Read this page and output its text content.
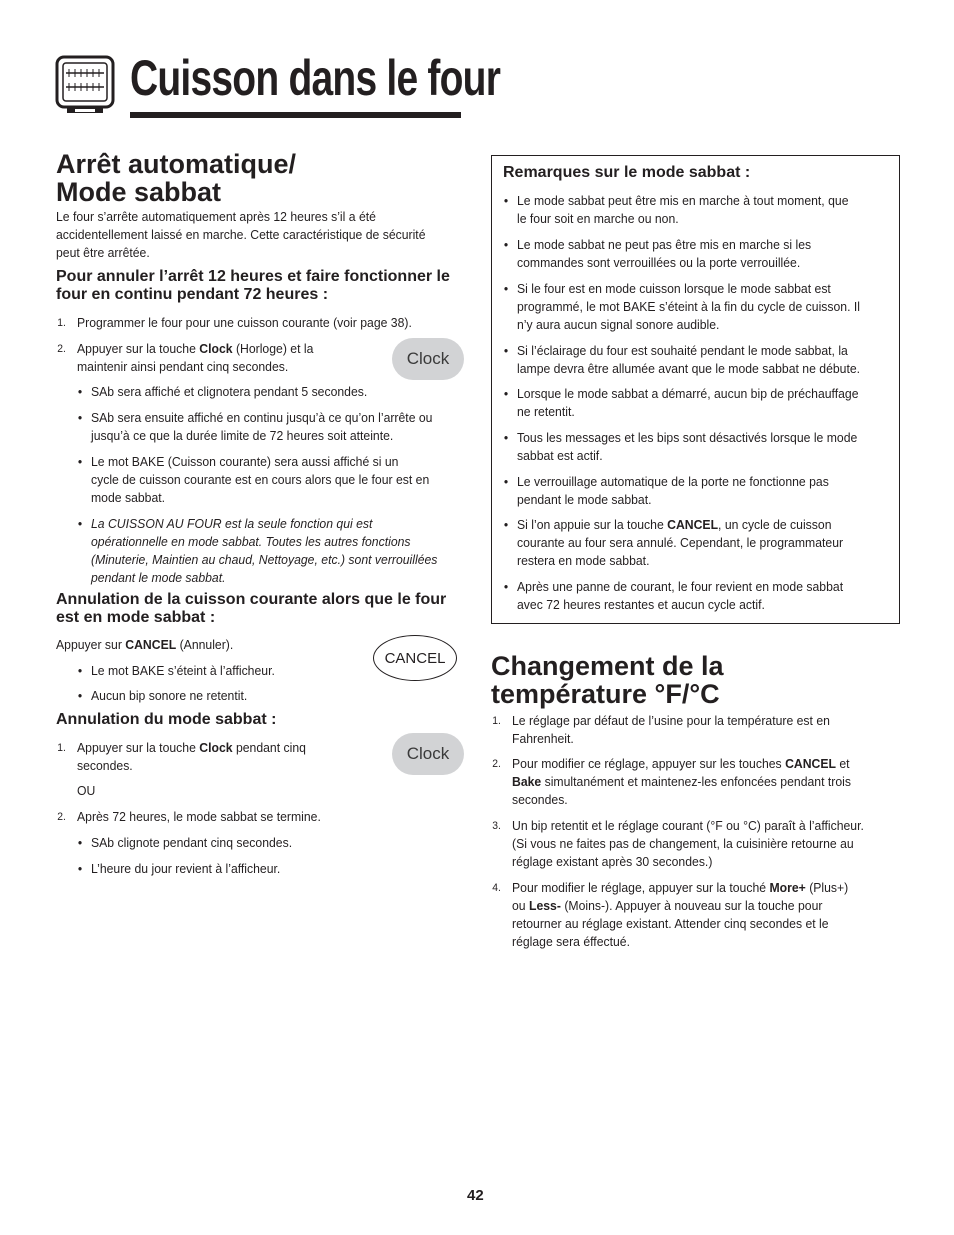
Cuisson dans le four
Arrêt automatique/
Mode sabbat
Le four s’arrête automatiquement après 12 heures s’il a été
accidentellement laissé en marche. Cette caractéristique de sécurité
peut être arrêtée.
Pour annuler l’arrêt 12 heures et faire fonctionner le
four en continu pendant 72 heures :
1. Programmer le four pour une cuisson courante (voir page 38).
2. Appuyer sur la touche Clock (Horloge) et la
maintenir ainsi pendant cinq secondes.	Clock
• SAb sera affiché et clignotera pendant 5 secondes.
• SAb sera ensuite affiché en continu jusqu’à ce qu’on l’arrête ou
jusqu’à ce que la durée limite de 72 heures soit atteinte.
• Le mot BAKE (Cuisson courante) sera aussi affiché si un
cycle de cuisson courante est en cours alors que le four est en
mode sabbat.
• La CUISSON AU FOUR est la seule fonction qui est
opérationnelle en mode sabbat. Toutes les autres fonctions
(Minuterie, Maintien au chaud, Nettoyage, etc.) sont verrouillées
pendant le mode sabbat.
Annulation de la cuisson courante alors que le four
est en mode sabbat :
Appuyer sur CANCEL (Annuler).
CANCEL
• Le mot BAKE s’éteint à l’afficheur.
• Aucun bip sonore ne retentit.
Annulation du mode sabbat :
1. Appuyer sur la touche Clock pendant cinq
secondes.
Clock
OU
2. Après 72 heures, le mode sabbat se termine.
• SAb clignote pendant cinq secondes.
• L’heure du jour revient à l’afficheur.
Remarques sur le mode sabbat :
• Le mode sabbat peut être mis en marche à tout moment, que
le four soit en marche ou non.
• Le mode sabbat ne peut pas être mis en marche si les
commandes sont verrouillées ou la porte verrouillée.
• Si le four est en mode cuisson lorsque le mode sabbat est
programmé, le mot BAKE s’éteint à la fin du cycle de cuisson. Il
n’y aura aucun signal sonore audible.
• Si l’éclairage du four est souhaité pendant le mode sabbat, la
lampe devra être allumée avant que le mode sabbat ne débute.
• Lorsque le mode sabbat a démarré, aucun bip de préchauffage
ne retentit.
• Tous les messages et les bips sont désactivés lorsque le mode
sabbat est actif.
• Le verrouillage automatique de la porte ne fonctionne pas
pendant le mode sabbat.
• Si l’on appuie sur la touche CANCEL, un cycle de cuisson
courante au four sera annulé. Cependant, le programmateur
restera en mode sabbat.
• Après une panne de courant, le four revient en mode sabbat
avec 72 heures restantes et aucun cycle actif.
Changement de la
température °F/°C
1. Le réglage par défaut de l’usine pour la température est en
Fahrenheit.
2. Pour modifier ce réglage, appuyer sur les touches CANCEL et
Bake simultanément et maintenez-les enfoncées pendant trois
secondes.
3. Un bip retentit et le réglage courant (°F ou °C) paraît à l’afficheur.
(Si vous ne faites pas de changement, la cuisinière retourne au
réglage existant après 30 secondes.)
4. Pour modifier le réglage, appuyer sur la touché More+ (Plus+)
ou Less- (Moins-). Appuyer à nouveau sur la touche pour
retourner au réglage existant. Attender cinq secondes et le
réglage sera éffectué.
42
